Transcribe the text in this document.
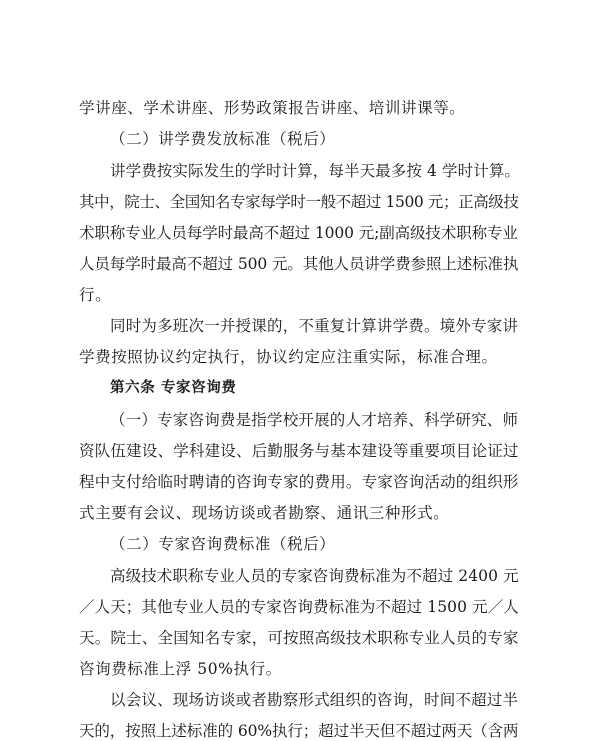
学讲座、学术讲座、形势政策报告讲座、培训讲课等。
（二）讲学费发放标准（税后）
讲学费按实际发生的学时计算，每半天最多按 4 学时计算。
其中，院士、全国知名专家每学时一般不超过 1500 元；正高级技
术职称专业人员每学时最高不超过 1000 元;副高级技术职称专业
人员每学时最高不超过 500 元。其他人员讲学费参照上述标准执
行。
同时为多班次一并授课的，不重复计算讲学费。境外专家讲
学费按照协议约定执行，协议约定应注重实际，标准合理。
第六条 专家咨询费
（一）专家咨询费是指学校开展的人才培养、科学研究、师
资队伍建设、学科建设、后勤服务与基本建设等重要项目论证过
程中支付给临时聘请的咨询专家的费用。专家咨询活动的组织形
式主要有会议、现场访谈或者勘察、通讯三种形式。
（二）专家咨询费标准（税后）
高级技术职称专业人员的专家咨询费标准为不超过 2400 元
／人天；其他专业人员的专家咨询费标准为不超过 1500 元／人
天。院士、全国知名专家，可按照高级技术职称专业人员的专家
咨询费标准上浮 50%执行。
以会议、现场访谈或者勘察形式组织的咨询，时间不超过半
天的，按照上述标准的 60%执行；超过半天但不超过两天（含两
